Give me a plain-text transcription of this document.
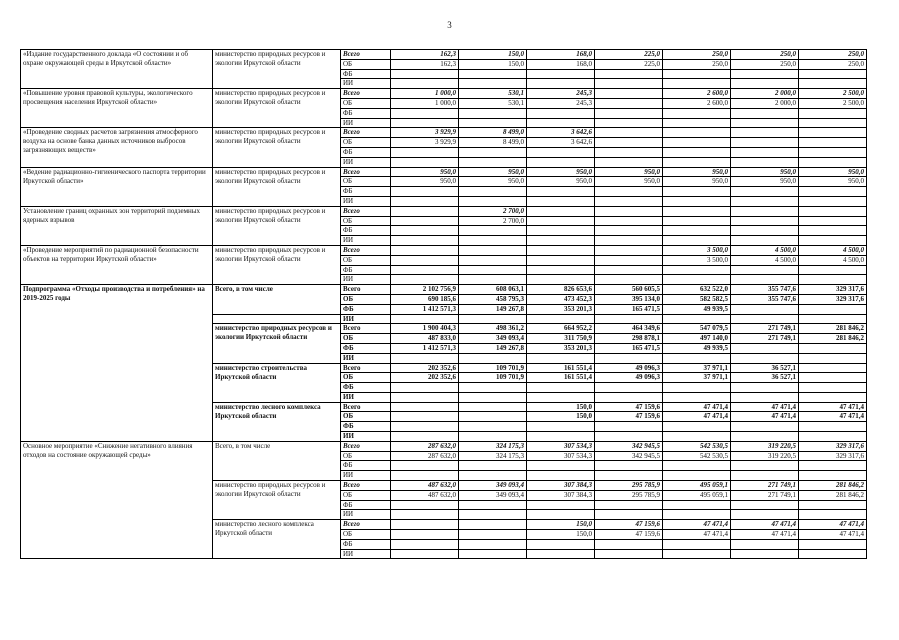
3
«Издание государственного доклада «О состоянии и об охране окружающей среды в Иркутской области»	министерство природных ресурсов и экологии Иркутской области	Всего	162,3	150,0	168,0	225,0	250,0	250,0	250,0
		ОБ	162,3	150,0	168,0	225,0	250,0	250,0	250,0
		ФБ							
		ИИ							
«Повышение уровня правовой культуры, экологического просвещения населения Иркутской области»	министерство природных ресурсов и экологии Иркутской области	Всего	1 000,0	530,1	245,3		2 600,0	2 000,0	2 500,0
		ОБ	1 000,0	530,1	245,3		2 600,0	2 000,0	2 500,0
		ФБ							
		ИИ							
«Проведение сводных расчетов загрязнения атмосферного воздуха на основе банка данных источников выбросов загрязняющих веществ»	министерство природных ресурсов и экологии Иркутской области	Всего	3 929,9	8 499,0	3 642,6				
		ОБ	3 929,9	8 499,0	3 642,6				
		ФБ							
		ИИ							
«Ведение радиационно-гигиенического паспорта территории Иркутской области»	министерство природных ресурсов и экологии Иркутской области	Всего	950,0	950,0	950,0	950,0	950,0	950,0	950,0
		ОБ	950,0	950,0	950,0	950,0	950,0	950,0	950,0
		ФБ							
		ИИ							
Установление границ охранных зон территорий подземных ядерных взрывов	министерство природных ресурсов и экологии Иркутской области	Всего		2 700,0					
		ОБ		2 700,0					
		ФБ							
		ИИ							
«Проведение мероприятий по радиационной безопасности объектов на территории Иркутской области»	министерство природных ресурсов и экологии Иркутской области	Всего					3 500,0	4 500,0	4 500,0
		ОБ					3 500,0	4 500,0	4 500,0
		ФБ							
		ИИ							
Подпрограмма «Отходы производства и потребления» на 2019-2025 годы	Всего, в том числе	Всего	2 102 756,9	608 063,1	826 653,6	560 605,5	632 522,0	355 747,6	329 317,6
		ОБ	690 185,6	458 795,3	473 452,3	395 134,0	582 582,5	355 747,6	329 317,6
		ФБ	1 412 571,3	149 267,8	353 201,3	165 471,5	49 939,5		
		ИИ							
	министерство природных ресурсов и экологии Иркутской области	Всего	1 900 404,3	498 361,2	664 952,2	464 349,6	547 079,5	271 749,1	281 846,2
		ОБ	487 833,0	349 093,4	311 750,9	298 878,1	497 140,0	271 749,1	281 846,2
		ФБ	1 412 571,3	149 267,8	353 201,3	165 471,5	49 939,5		
		ИИ							
	министерство строительства Иркутской области	Всего	202 352,6	109 701,9	161 551,4	49 096,3	37 971,1	36 527,1	
		ОБ	202 352,6	109 701,9	161 551,4	49 096,3	37 971,1	36 527,1	
		ФБ							
		ИИ							
	министерство лесного комплекса Иркутской области	Всего			150,0	47 159,6	47 471,4	47 471,4	47 471,4
		ОБ			150,0	47 159,6	47 471,4	47 471,4	47 471,4
		ФБ							
		ИИ							
Основное мероприятие «Снижение негативного влияния отходов на состояние окружающей среды»	Всего, в том числе	Всего	287 632,0	324 175,3	307 534,3	342 945,5	542 530,5	319 220,5	329 317,6
		ОБ	287 632,0	324 175,3	307 534,3	342 945,5	542 530,5	319 220,5	329 317,6
		ФБ							
		ИИ							
	министерство природных ресурсов и экологии Иркутской области	Всего	487 632,0	349 093,4	307 384,3	295 785,9	495 059,1	271 749,1	281 846,2
		ОБ	487 632,0	349 093,4	307 384,3	295 785,9	495 059,1	271 749,1	281 846,2
		ФБ							
		ИИ							
	министерство лесного комплекса Иркутской области	Всего			150,0	47 159,6	47 471,4	47 471,4	47 471,4
		ОБ			150,0	47 159,6	47 471,4	47 471,4	47 471,4
		ФБ							
		ИИ							
